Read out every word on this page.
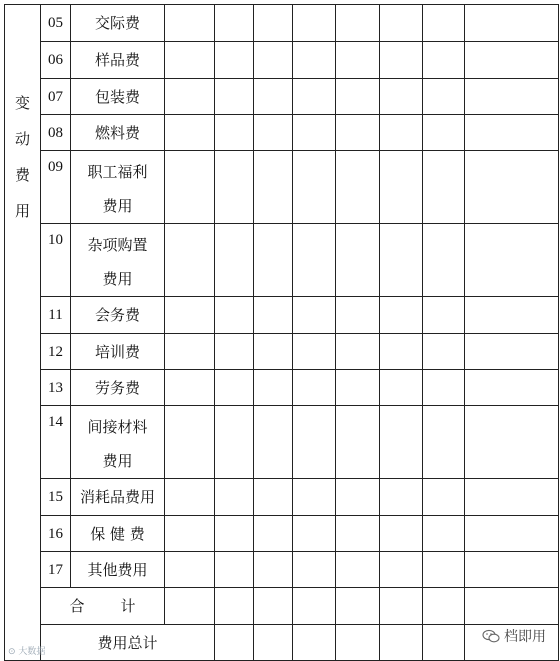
变
动
费
用	05	交际费									
	06	样品费									
	07	包装费									
	08	燃料费									
	09	职工福利
费用									

	10	杂项购置
费用									

	11	会务费									
	12	培训费									
	13	劳务费									
	14	间接材料
费用									

	15	消耗品费用									
	16	保 健 费									
	17	其他费用									
	合 计										
	费用总计										
⊙ 大数据
档即用
